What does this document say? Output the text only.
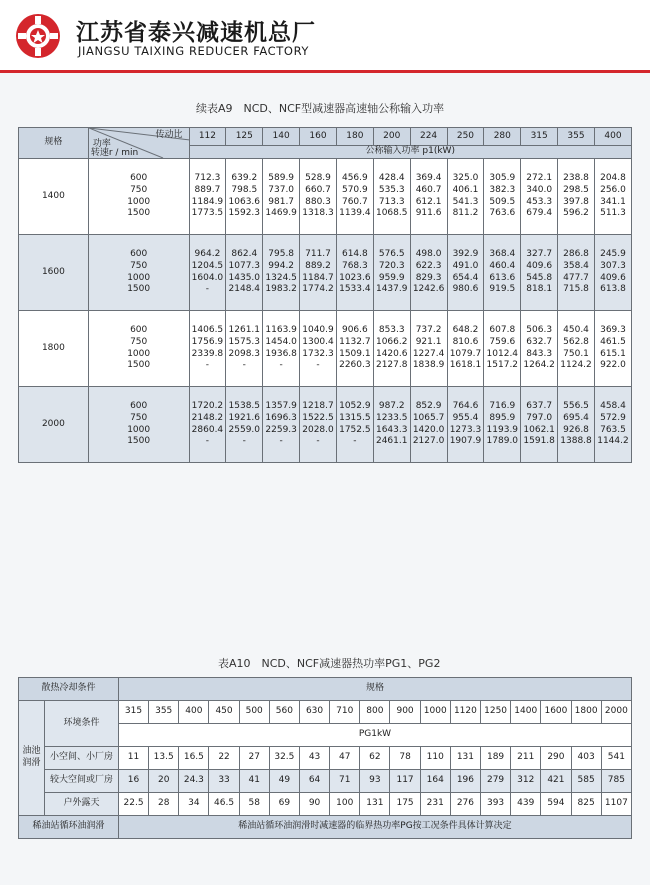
江苏省泰兴减速机总厂
JIANGSU TAIXING REDUCER FACTORY
续表A9　NCD、NCF型减速器高速轴公称输入功率
规格	传动比
功率
转速r / min	112	125	140	160	180	200	224	250	280	315	355	400
		公称输入功率 p1(kW)											
1400	600
750
1000
1500	712.3
889.7
1184.9
1773.5	639.2
798.5
1063.6
1592.3	589.9
737.0
981.7
1469.9	528.9
660.7
880.3
1318.3	456.9
570.9
760.7
1139.4	428.4
535.3
713.3
1068.5	369.4
460.7
612.1
911.6	325.0
406.1
541.3
811.2	305.9
382.3
509.5
763.6	272.1
340.0
453.3
679.4	238.8
298.5
397.8
596.2	204.8
256.0
341.1
511.3
1600	600
750
1000
1500	964.2
1204.5
1604.0
-	862.4
1077.3
1435.0
2148.4	795.8
994.2
1324.5
1983.2	711.7
889.2
1184.7
1774.2	614.8
768.3
1023.6
1533.4	576.5
720.3
959.9
1437.9	498.0
622.3
829.3
1242.6	392.9
491.0
654.4
980.6	368.4
460.4
613.6
919.5	327.7
409.6
545.8
818.1	286.8
358.4
477.7
715.8	245.9
307.3
409.6
613.8
1800	600
750
1000
1500	1406.5
1756.9
2339.8
-	1261.1
1575.3
2098.3
-	1163.9
1454.0
1936.8
-	1040.9
1300.4
1732.3
-	906.6
1132.7
1509.1
2260.3	853.3
1066.2
1420.6
2127.8	737.2
921.1
1227.4
1838.9	648.2
810.6
1079.7
1618.1	607.8
759.6
1012.4
1517.2	506.3
632.7
843.3
1264.2	450.4
562.8
750.1
1124.2	369.3
461.5
615.1
922.0
2000	600
750
1000
1500	1720.2
2148.2
2860.4
-	1538.5
1921.6
2559.0
-	1357.9
1696.3
2259.3
-	1218.7
1522.5
2028.0
-	1052.9
1315.5
1752.5
-	987.2
1233.5
1643.3
2461.1	852.9
1065.7
1420.0
2127.0	764.6
955.4
1273.3
1907.9	716.9
895.9
1193.9
1789.0	637.7
797.0
1062.1
1591.8	556.5
695.4
926.8
1388.8	458.4
572.9
763.5
1144.2
表A10　NCD、NCF减速器热功率PG1、PG2
散热冷却条件		规格																
油池
润滑	环境条件	315	355	400	450	500	560	630	710	800	900	1000	1120	1250	1400	1600	1800	2000
		PG1kW																
	小空间、小厂房	11	13.5	16.5	22	27	32.5	43	47	62	78	110	131	189	211	290	403	541
	较大空间或厂房	16	20	24.3	33	41	49	64	71	93	117	164	196	279	312	421	585	785
	户外露天	22.5	28	34	46.5	58	69	90	100	131	175	231	276	393	439	594	825	1107
稀油站循环油润滑		稀油站循环油润滑时减速器的临界热功率PG按工况条件具体计算决定																
